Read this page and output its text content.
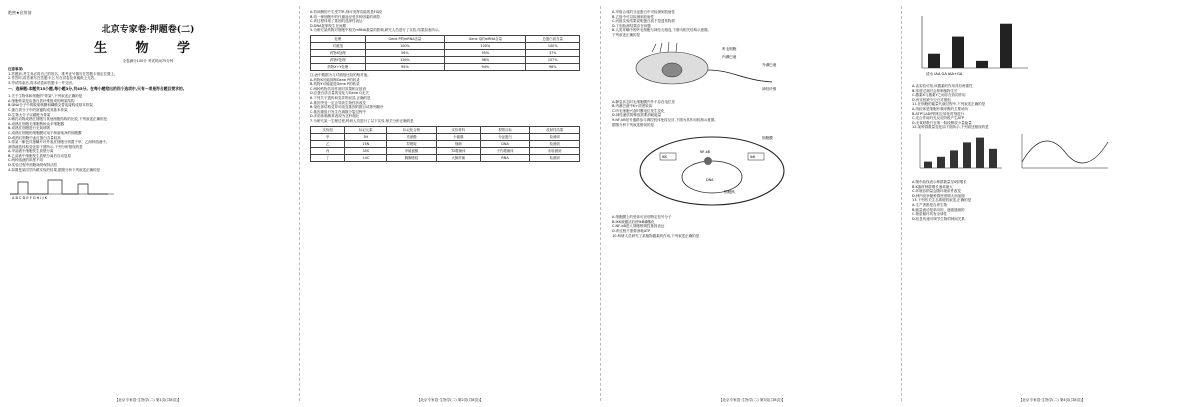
绝密★启用前
北京专家卷·押题卷(二)
生 物 学
全卷满分100分 考试时间75分钟

注意事项:

1.答题前,考生务必将自己的姓名、准考证号填写在答题卡指定位置上。

2.作答时,将答案写在答题卡上,写在试卷及草稿纸上无效。

3.考试结束后,将本试卷和答题卡一并交回。

一、选择题:本题共15小题,每小题3分,共45分。在每小题给出的四个选项中,只有一项是符合题目要求的。

1.关于生物体和细胞的"骨架",下列叙述正确的是

A.细胞骨架是由蛋白质纤维组成的网架结构

B.DNA分子中的脱氧核糖和磷酸交替连接构成基本骨架

C.蛋白质分子中的肽键构成其基本骨架

D.生物大分子以碳链为骨架

2.哺乳动物成熟红细胞与其他细胞结构的比较,下列叙述正确的是

A.成熟红细胞无细胞核和众多细胞器

B.成熟红细胞进行无氧呼吸

C.成熟红细胞的细胞膜可用于制备纯净的细胞膜

D.成熟红细胞中血红蛋白含量较高

3.将某一紫色洋葱鳞片叶外表皮细胞分别置于甲、乙两种溶液中,

测得液泡体积变化如下图所示,下列分析错误的是

A.甲溶液中细胞发生质壁分离

B.乙溶液中细胞发生质壁分离后自动复原

C.两种溶液的浓度不同

D.实验过程中细胞始终保持活性

4.如图是某同学所做实验的结果,据图分析下列叙述正确的是

A B C D E F G H I J K
【北京专家卷·生物学(二) 第1页(共8页)】

A.若该酶的产生受TTR,则可发挥功能的是FG段

B.同一种细胞中的代谢途径受多种因素的调控

C.该过程体现了基因的选择性表达

D.DNA复制发生在间期

5.为研究某药物对细胞中相关mRNA数量的影响,研究人员进行了实验,结果如表所示。

处理	Gene P的mRNA含量	Gene Q的mRNA含量	总蛋白质含量
对照组	100%	100%	100%
药物X处理	56%	95%	37%
药物Y处理	126%	98%	107%
药物X+Y处理	95%	94%	98%

注:表中数据为与对照组比较的相对值。

A.药物X可能抑制Gene P的转录

B.药物Y可能促进Gene P的转录

C.两种药物共同作用时效果相互抵消

D.总蛋白质含量的变化与Gene Q无关

6.下列关于遗传和变异的叙述,正确的是

A.基因突变一定会导致生物性状改变

B.染色体结构变异可改变基因的数目或排列顺序

C.基因重组只发生在减数分裂过程中

D.多倍体植株常表现为茎秆粗壮

7.为研究某一生理过程,科研人员进行了以下实验,相关分析正确的是

实验组	标记元素	标记化合物	实验材料	观察目标	放射性结果
甲	3H	亮氨酸	小鼠胰	分泌蛋白	检测到
乙	15N	尿嘧啶	细菌	DNA	检测到
丙	35S	甲硫氨酸	T2噬菌体	子代噬菌体	未检测到
丁	14C	胸腺嘧啶	大肠杆菌	RNA	检测到
【北京专家卷·生物学(二) 第2页(共8页)】

A.甲组合成的分泌蛋白中可检测到放射性

B.乙组中可以检测到放射性

C.丙组实验结果说明蛋白质不是遗传物质

D.丁组检测结果存在问题

8.人类耳蜗中的听毛细胞与神经元相连,下图为相关结构示意图。

下列叙述正确的是

听毛细胞
内淋巴液
外淋巴液
神经纤维

A.静息状态时毛细胞膜内外不存在电位差

B.内淋巴液中K+浓度较高

C.听毛细胞兴奋时膜电位发生变化

D.神经递质的释放需要消耗能量

9.NF-kB信号通路参与调控机体免疫反应,下图为其作用机制示意图。

据图分析下列叙述错误的是

细胞膜
细胞核
IKK	IkB
NF-kB
DNA

A.细胞膜上的受体可识别特定信号分子

B.IKK被激活后使IkB磷酸化

C.NF-kB进入细胞核调控基因表达

D.该过程不需要消耗ATP

10.科研人员研究了某植物激素的作用,下列叙述正确的是

【北京专家卷·生物学(二) 第3页(共8页)】
清水 IAA GA IAA+GA

A.由实验可知,该激素的作用具有两重性

B.浓度过高时会抑制植物生长

C.激素X与激素Y之间存在协同作用

D.该实验缺少空白对照组

11.在细胞的能量代谢过程中,下列叙述正确的是

A.线粒体是细胞有氧呼吸的主要场所

B.ATP与ADP的相互转化时刻进行

C.光合作用的光反应阶段产生ATP

D.无氧呼吸只在第一阶段释放少量能量

12.某种群数量变化如下图所示,下列叙述错误的是

A.图中曲线表示种群数量呈S型增长

B.K值时种群增长速率最大

C.环境容纳量会随环境条件改变

D.种内竞争随种群密度增大而加剧

13.下列有关生态系统的叙述,正确的是

A.生产者都是自养生物

B.能量流动是单向的、逐级递减的

C.物质循环具有全球性

D.信息传递可调节生物的种间关系

【北京专家卷·生物学(二) 第4页(共8页)】
